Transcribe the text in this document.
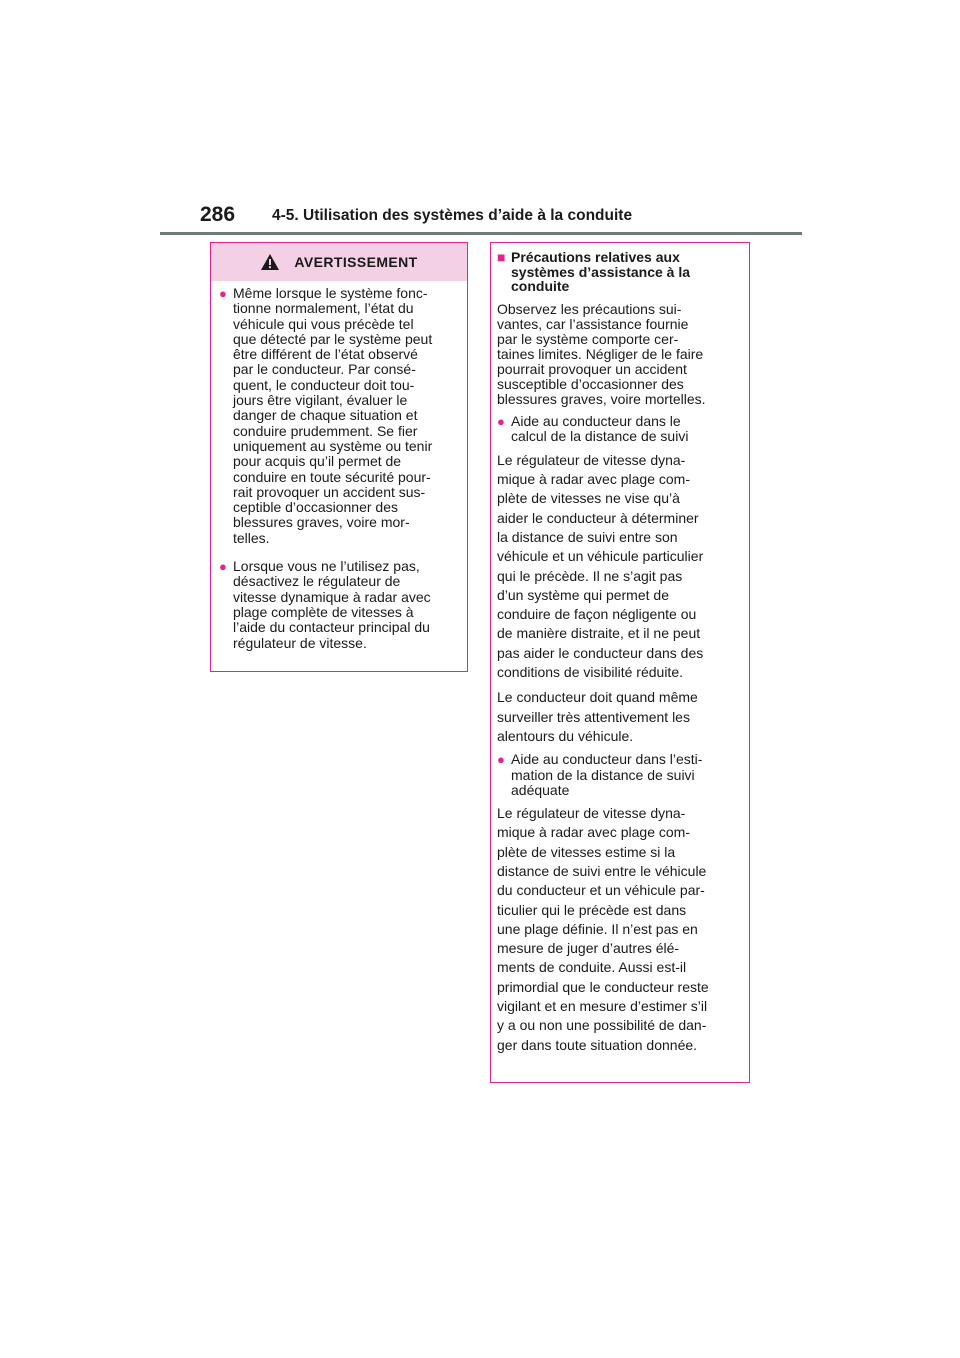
286 4-5. Utilisation des systèmes d’aide à la conduite
AVERTISSEMENT
● Même lorsque le système fonc-
tionne normalement, l’état du
véhicule qui vous précède tel
que détecté par le système peut
être différent de l’état observé
par le conducteur. Par consé-
quent, le conducteur doit tou-
jours être vigilant, évaluer le
danger de chaque situation et
conduire prudemment. Se fier
uniquement au système ou tenir
pour acquis qu’il permet de
conduire en toute sécurité pour-
rait provoquer un accident sus-
ceptible d’occasionner des
blessures graves, voire mor-
telles.
● Lorsque vous ne l’utilisez pas,
désactivez le régulateur de
vitesse dynamique à radar avec
plage complète de vitesses à
l’aide du contacteur principal du
régulateur de vitesse.
■ Précautions relatives aux
systèmes d’assistance à la
conduite

Observez les précautions sui-
vantes, car l’assistance fournie
par le système comporte cer-
taines limites. Négliger de le faire
pourrait provoquer un accident
susceptible d’occasionner des
blessures graves, voire mortelles.

● Aide au conducteur dans le
calcul de la distance de suivi

Le régulateur de vitesse dyna-
mique à radar avec plage com-
plète de vitesses ne vise qu’à
aider le conducteur à déterminer
la distance de suivi entre son
véhicule et un véhicule particulier
qui le précède. Il ne s’agit pas
d’un système qui permet de
conduire de façon négligente ou
de manière distraite, et il ne peut
pas aider le conducteur dans des
conditions de visibilité réduite.

Le conducteur doit quand même
surveiller très attentivement les
alentours du véhicule.

● Aide au conducteur dans l’esti-
mation de la distance de suivi
adéquate

Le régulateur de vitesse dyna-
mique à radar avec plage com-
plète de vitesses estime si la
distance de suivi entre le véhicule
du conducteur et un véhicule par-
ticulier qui le précède est dans
une plage définie. Il n’est pas en
mesure de juger d’autres élé-
ments de conduite. Aussi est-il
primordial que le conducteur reste
vigilant et en mesure d’estimer s’il
y a ou non une possibilité de dan-
ger dans toute situation donnée.
